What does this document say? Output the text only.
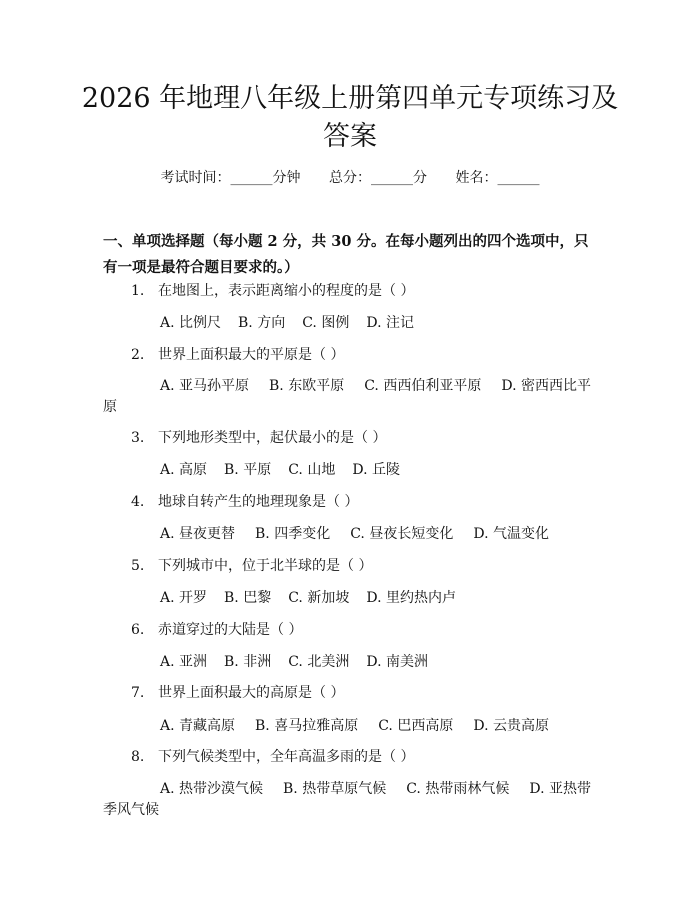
2026 年地理八年级上册第四单元专项练习及答案
考试时间：______分钟 总分：______分 姓名：______
一、单项选择题（每小题 2 分，共 30 分。在每小题列出的四个选项中，只有一项是最符合题目要求的。）
1. 在地图上，表示距离缩小的程度的是（ ）
A. 比例尺 B. 方向 C. 图例 D. 注记
2. 世界上面积最大的平原是（ ）
A. 亚马孙平原 B. 东欧平原 C. 西西伯利亚平原 D. 密西西比平
原
3. 下列地形类型中，起伏最小的是（ ）
A. 高原 B. 平原 C. 山地 D. 丘陵
4. 地球自转产生的地理现象是（ ）
A. 昼夜更替 B. 四季变化 C. 昼夜长短变化 D. 气温变化
5. 下列城市中，位于北半球的是（ ）
A. 开罗 B. 巴黎 C. 新加坡 D. 里约热内卢
6. 赤道穿过的大陆是（ ）
A. 亚洲 B. 非洲 C. 北美洲 D. 南美洲
7. 世界上面积最大的高原是（ ）
A. 青藏高原 B. 喜马拉雅高原 C. 巴西高原 D. 云贵高原
8. 下列气候类型中，全年高温多雨的是（ ）
A. 热带沙漠气候 B. 热带草原气候 C. 热带雨林气候 D. 亚热带
季风气候
